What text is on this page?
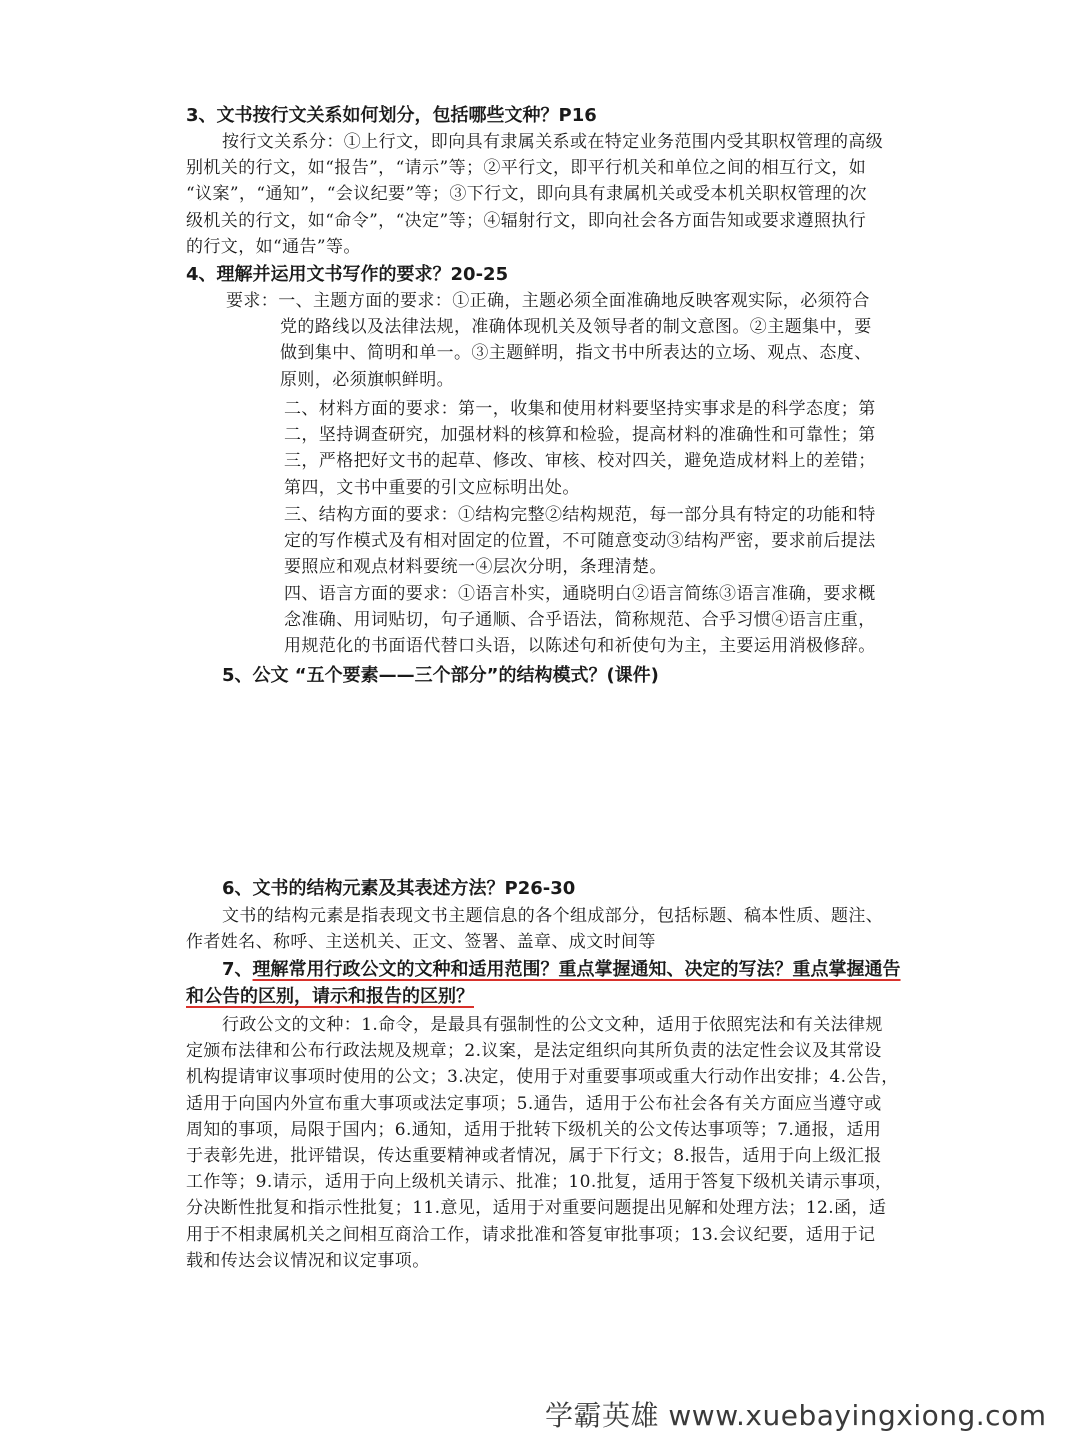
3、文书按行文关系如何划分，包括哪些文种？P16
按行文关系分：①上行文，即向具有隶属关系或在特定业务范围内受其职权管理的高级
别机关的行文，如“报告”，“请示”等；②平行文，即平行机关和单位之间的相互行文，如
“议案”，“通知”，“会议纪要”等；③下行文，即向具有隶属机关或受本机关职权管理的次
级机关的行文，如“命令”，“决定”等；④辐射行文，即向社会各方面告知或要求遵照执行
的行文，如“通告”等。
4、理解并运用文书写作的要求？20-25
要求：一、主题方面的要求：①正确，主题必须全面准确地反映客观实际，必须符合
党的路线以及法律法规，准确体现机关及领导者的制文意图。②主题集中，要
做到集中、简明和单一。③主题鲜明，指文书中所表达的立场、观点、态度、
原则，必须旗帜鲜明。
二、材料方面的要求：第一，收集和使用材料要坚持实事求是的科学态度；第
二，坚持调查研究，加强材料的核算和检验，提高材料的准确性和可靠性；第
三，严格把好文书的起草、修改、审核、校对四关，避免造成材料上的差错；
第四，文书中重要的引文应标明出处。
三、结构方面的要求：①结构完整②结构规范，每一部分具有特定的功能和特
定的写作模式及有相对固定的位置，不可随意变动③结构严密，要求前后提法
要照应和观点材料要统一④层次分明，条理清楚。
四、语言方面的要求：①语言朴实，通晓明白②语言简练③语言准确，要求概
念准确、用词贴切，句子通顺、合乎语法，简称规范、合乎习惯④语言庄重，
用规范化的书面语代替口头语，以陈述句和祈使句为主，主要运用消极修辞。
5、公文 “五个要素——三个部分”的结构模式？(课件)
6、文书的结构元素及其表述方法？P26-30
文书的结构元素是指表现文书主题信息的各个组成部分，包括标题、稿本性质、题注、
作者姓名、称呼、主送机关、正文、签署、盖章、成文时间等
7、理解常用行政公文的文种和适用范围？重点掌握通知、决定的写法？重点掌握通告
和公告的区别，请示和报告的区别？
行政公文的文种：1.命令，是最具有强制性的公文文种，适用于依照宪法和有关法律规
定颁布法律和公布行政法规及规章；2.议案，是法定组织向其所负责的法定性会议及其常设
机构提请审议事项时使用的公文；3.决定，使用于对重要事项或重大行动作出安排；4.公告，
适用于向国内外宣布重大事项或法定事项；5.通告，适用于公布社会各有关方面应当遵守或
周知的事项，局限于国内；6.通知，适用于批转下级机关的公文传达事项等；7.通报，适用
于表彰先进，批评错误，传达重要精神或者情况，属于下行文；8.报告，适用于向上级汇报
工作等；9.请示，适用于向上级机关请示、批准；10.批复，适用于答复下级机关请示事项，
分决断性批复和指示性批复；11.意见，适用于对重要问题提出见解和处理方法；12.函，适
用于不相隶属机关之间相互商洽工作，请求批准和答复审批事项；13.会议纪要，适用于记
载和传达会议情况和议定事项。
学霸英雄 www.xuebayingxiong.com
